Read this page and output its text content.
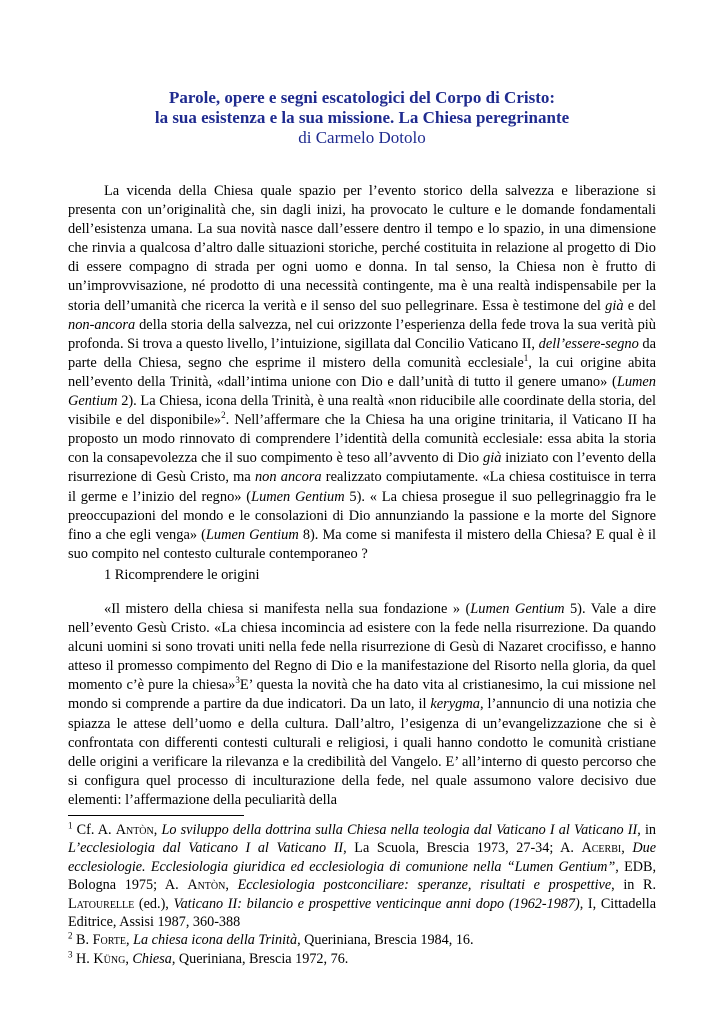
Parole, opere e segni escatologici del Corpo di Cristo:
la sua esistenza e la sua missione. La Chiesa peregrinante
di Carmelo Dotolo

La vicenda della Chiesa quale spazio per l’evento storico della salvezza e liberazione si presenta con un’originalità che, sin dagli inizi, ha provocato le culture e le domande fondamentali dell’esistenza umana. La sua novità nasce dall’essere dentro il tempo e lo spazio, in una dimensione che rinvia a qualcosa d’altro dalle situazioni storiche, perché costituita in relazione al progetto di Dio di essere compagno di strada per ogni uomo e donna. In tal senso, la Chiesa non è frutto di un’improvvisazione, né prodotto di una necessità contingente, ma è una realtà indispensabile per la storia dell’umanità che ricerca la verità e il senso del suo pellegrinare. Essa è testimone del già e del non-ancora della storia della salvezza, nel cui orizzonte l’esperienza della fede trova la sua verità più profonda. Si trova a questo livello, l’intuizione, sigillata dal Concilio Vaticano II, dell’essere-segno da parte della Chiesa, segno che esprime il mistero della comunità ecclesiale$^1$, la cui origine abita nell’evento della Trinità, «dall’intima unione con Dio e dall’unità di tutto il genere umano» (Lumen Gentium 2). La Chiesa, icona della Trinità, è una realtà «non riducibile alle coordinate della storia, del visibile e del disponibile»$^2$. Nell’affermare che la Chiesa ha una origine trinitaria, il Vaticano II ha proposto un modo rinnovato di comprendere l’identità della comunità ecclesiale: essa abita la storia con la consapevolezza che il suo compimento è teso all’avvento di Dio già iniziato con l’evento della risurrezione di Gesù Cristo, ma non ancora realizzato compiutamente. «La chiesa costituisce in terra il germe e l’inizio del regno» (Lumen Gentium 5). « La chiesa prosegue il suo pellegrinaggio fra le preoccupazioni del mondo e le consolazioni di Dio annunziando la passione e la morte del Signore fino a che egli venga» (Lumen Gentium 8). Ma come si manifesta il mistero della Chiesa? E qual è il suo compito nel contesto culturale contemporaneo ?

1 Ricomprendere le origini

«Il mistero della chiesa si manifesta nella sua fondazione » (Lumen Gentium 5). Vale a dire nell’evento Gesù Cristo. «La chiesa incomincia ad esistere con la fede nella risurrezione. Da quando alcuni uomini si sono trovati uniti nella fede nella risurrezione di Gesù di Nazaret crocifisso, e hanno atteso il promesso compimento del Regno di Dio e la manifestazione del Risorto nella gloria, da quel momento c’è pure la chiesa»$^3$E’ questa la novità che ha dato vita al cristianesimo, la cui missione nel mondo si comprende a partire da due indicatori. Da un lato, il kerygma, l’annuncio di una notizia che spiazza le attese dell’uomo e della cultura. Dall’altro, l’esigenza di un’evangelizzazione che si è confrontata con differenti contesti culturali e religiosi, i quali hanno condotto le comunità cristiane delle origini a verificare la rilevanza e la credibilità del Vangelo. E’ all’interno di questo percorso che si configura quel processo di inculturazione della fede, nel quale assumono valore decisivo due elementi: l’affermazione della peculiarità della

$^1$ Cf. A. Antòn, Lo sviluppo della dottrina sulla Chiesa nella teologia dal Vaticano I al Vaticano II, in L’ecclesiologia dal Vaticano I al Vaticano II, La Scuola, Brescia 1973, 27-34; A. Acerbi, Due ecclesiologie. Ecclesiologia giuridica ed ecclesiologia di comunione nella “Lumen Gentium”, EDB, Bologna 1975; A. Antòn, Ecclesiologia postconciliare: speranze, risultati e prospettive, in R. Latourelle (ed.), Vaticano II: bilancio e prospettive venticinque anni dopo (1962-1987), I, Cittadella Editrice, Assisi 1987, 360-388

$^2$ B. Forte, La chiesa icona della Trinità, Queriniana, Brescia 1984, 16.

$^3$ H. Küng, Chiesa, Queriniana, Brescia 1972, 76.
